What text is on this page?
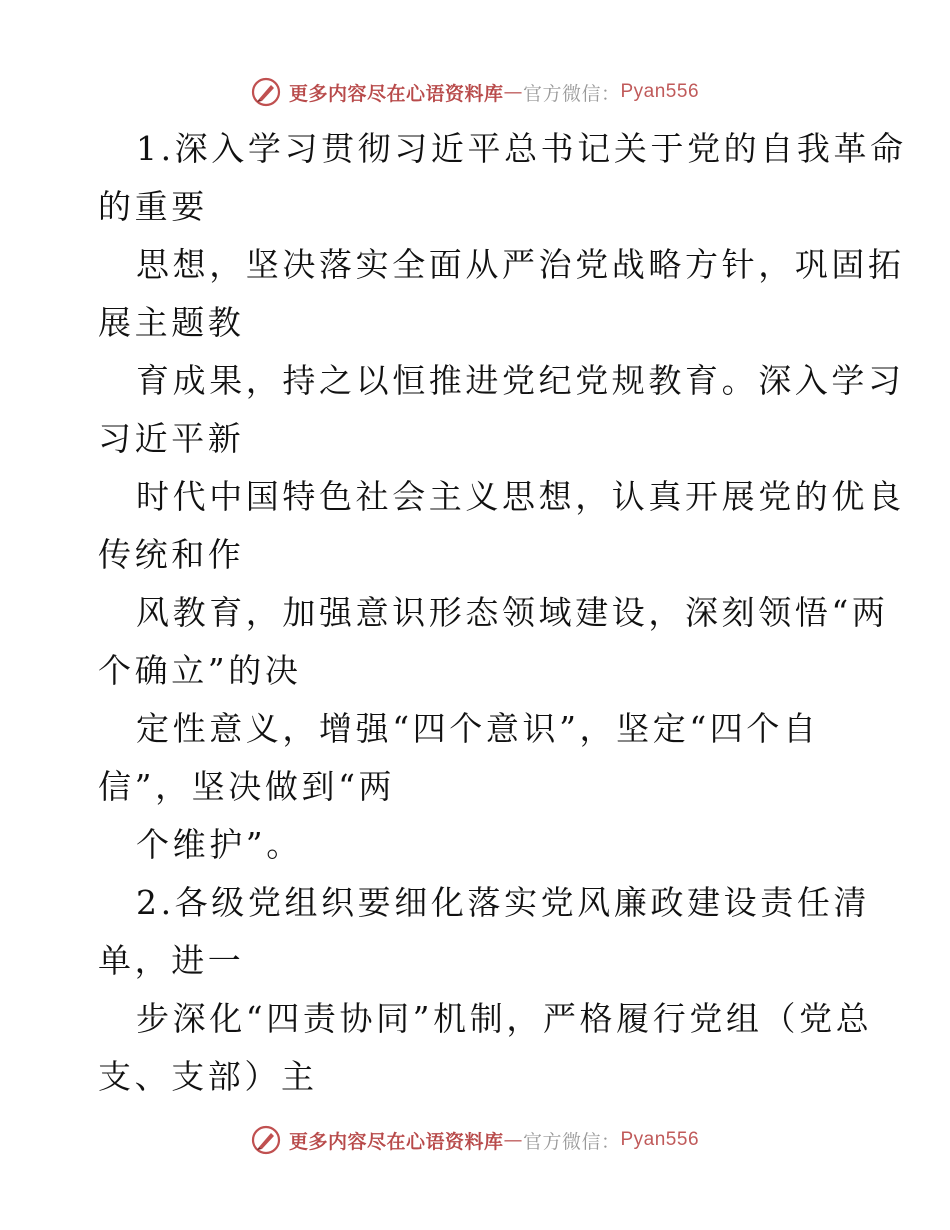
更多内容尽在心语资料库 — 官方微信： Pyan556
1.深入学习贯彻习近平总书记关于党的自我革命
的重要
思想，坚决落实全面从严治党战略方针，巩固拓
展主题教
育成果，持之以恒推进党纪党规教育。深入学习
习近平新
时代中国特色社会主义思想，认真开展党的优良
传统和作
风教育，加强意识形态领域建设，深刻领悟“两
个确立”的决
定性意义，增强“四个意识”，坚定“四个自
信”，坚决做到“两
个维护”。
2.各级党组织要细化落实党风廉政建设责任清
单，进一
步深化“四责协同”机制，严格履行党组（党总
支、支部）主
更多内容尽在心语资料库 — 官方微信： Pyan556
